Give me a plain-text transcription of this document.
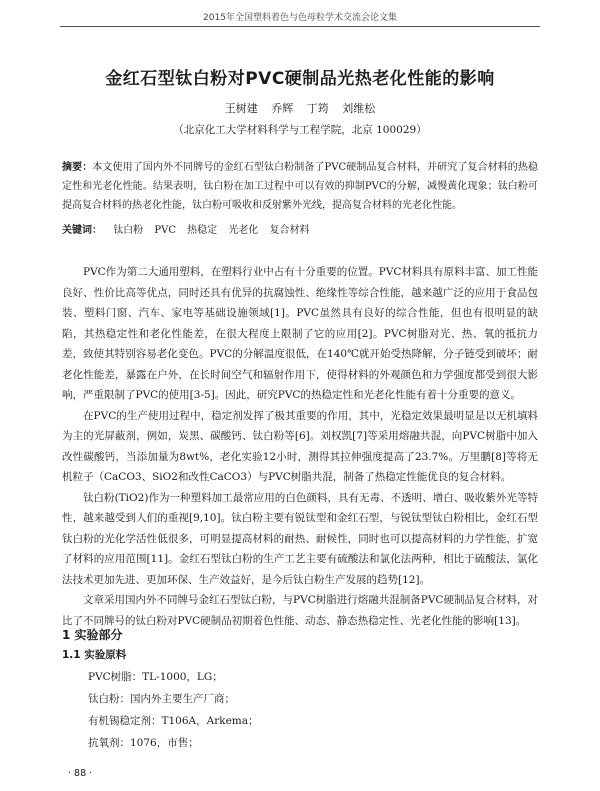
2015年全国塑料着色与色母粒学术交流会论文集
金红石型钛白粉对PVC硬制品光热老化性能的影响
王树建 乔辉 丁筠 刘维松
（北京化工大学材料科学与工程学院，北京 100029）
摘要：本文使用了国内外不同牌号的金红石型钛白粉制备了PVC硬制品复合材料，并研究了复合材料的热稳定性和光老化性能。结果表明，钛白粉在加工过程中可以有效的抑制PVC的分解，减慢黄化现象；钛白粉可提高复合材料的热老化性能，钛白粉可吸收和反射紫外光线，提高复合材料的光老化性能。
关键词： 钛白粉 PVC 热稳定 光老化 复合材料

PVC作为第二大通用塑料，在塑料行业中占有十分重要的位置。PVC材料具有原料丰富、加工性能良好、性价比高等优点，同时还具有优异的抗腐蚀性、绝缘性等综合性能，越来越广泛的应用于食品包装、塑料门窗、汽车、家电等基础设施领域[1]。PVC虽然具有良好的综合性能，但也有很明显的缺陷，其热稳定性和老化性能差，在很大程度上限制了它的应用[2]。PVC树脂对光、热、氧的抵抗力差，致使其特别容易老化变色。PVC的分解温度很低，在140℃就开始受热降解，分子链受到破坏；耐老化性能差，暴露在户外，在长时间空气和辐射作用下，使得材料的外观颜色和力学强度都受到很大影响，严重限制了PVC的使用[3-5]。因此，研究PVC的热稳定性和光老化性能有着十分重要的意义。

在PVC的生产使用过程中，稳定剂发挥了极其重要的作用，其中，光稳定效果最明显是以无机填料为主的光屏蔽剂，例如，炭黑、碳酸钙、钛白粉等[6]。刘权凯[7]等采用熔融共混，向PVC树脂中加入改性碳酸钙，当添加量为8wt%，老化实验12小时，测得其拉伸强度提高了23.7%。万里鹏[8]等将无机粒子（CaCO3、SiO2和改性CaCO3）与PVC树脂共混，制备了热稳定性能优良的复合材料。

钛白粉(TiO2)作为一种塑料加工最常应用的白色颜料，具有无毒、不透明、增白、吸收紫外光等特性，越来越受到人们的重视[9,10]。钛白粉主要有锐钛型和金红石型，与锐钛型钛白粉相比，金红石型钛白粉的光化学活性低很多，可明显提高材料的耐热、耐候性，同时也可以提高材料的力学性能，扩宽了材料的应用范围[11]。金红石型钛白粉的生产工艺主要有硫酸法和氯化法两种，相比于硫酸法，氯化法技术更加先进、更加环保、生产效益好，是今后钛白粉生产发展的趋势[12]。

文章采用国内外不同牌号金红石型钛白粉，与PVC树脂进行熔融共混制备PVC硬制品复合材料，对比了不同牌号的钛白粉对PVC硬制品初期着色性能、动态、静态热稳定性、光老化性能的影响[13]。

1 实验部分
1.1 实验原料
PVC树脂：TL-1000，LG；
钛白粉：国内外主要生产厂商；
有机锡稳定剂：T106A，Arkema；
抗氧剂：1076，市售；
· 88 ·
